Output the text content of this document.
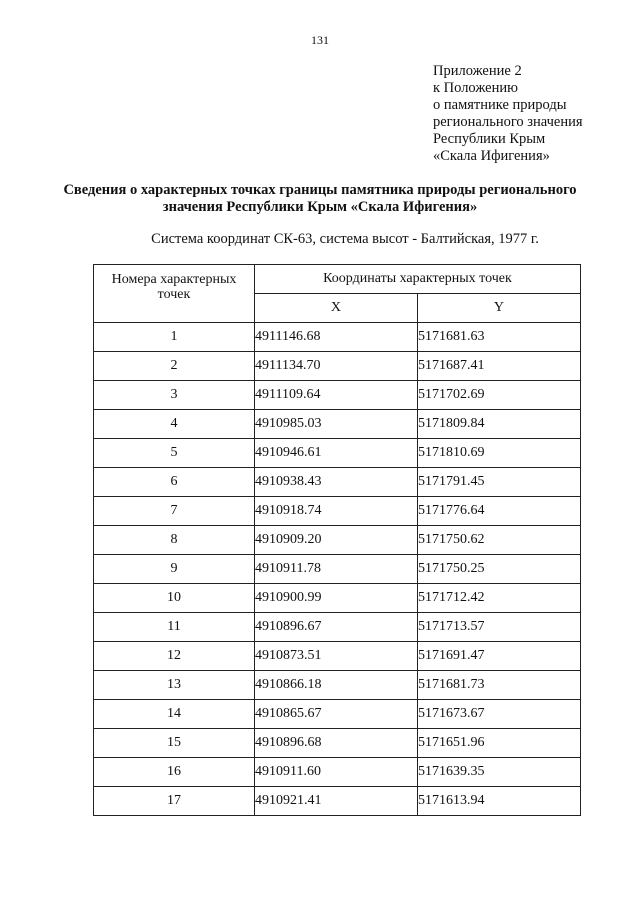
131
Приложение 2
к Положению
о памятнике природы
регионального значения
Республики Крым
«Скала Ифигения»
Сведения о характерных точках границы памятника природы регионального значения Республики Крым «Скала Ифигения»
Система координат СК-63, система высот - Балтийская, 1977 г.
Номера характерных точек	Координаты характерных точек	
	X	Y
1	4911146.68	5171681.63
2	4911134.70	5171687.41
3	4911109.64	5171702.69
4	4910985.03	5171809.84
5	4910946.61	5171810.69
6	4910938.43	5171791.45
7	4910918.74	5171776.64
8	4910909.20	5171750.62
9	4910911.78	5171750.25
10	4910900.99	5171712.42
11	4910896.67	5171713.57
12	4910873.51	5171691.47
13	4910866.18	5171681.73
14	4910865.67	5171673.67
15	4910896.68	5171651.96
16	4910911.60	5171639.35
17	4910921.41	5171613.94
